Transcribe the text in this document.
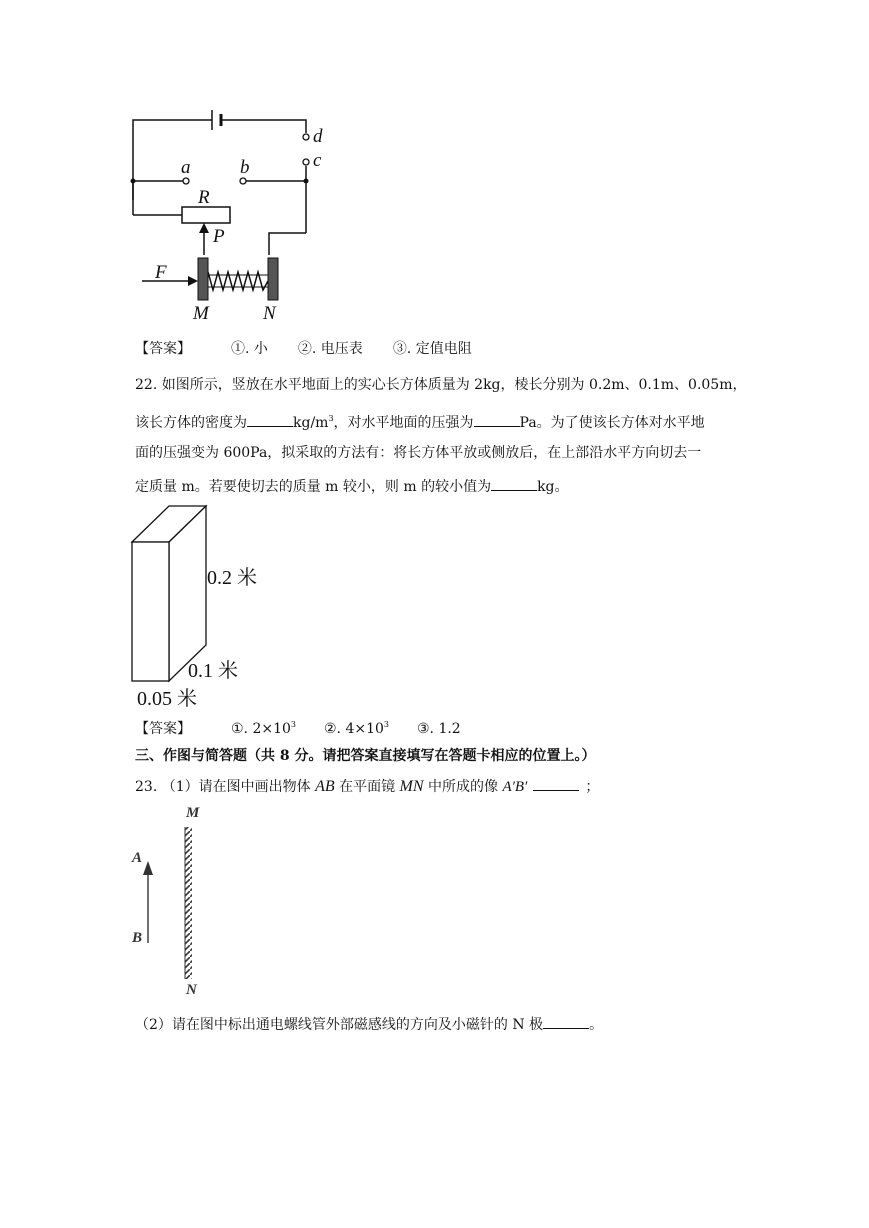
a	b	c
d
R
P
F
M	N
【答案】	①. 小 ②. 电压表 ③. 定值电阻
22. 如图所示，竖放在水平地面上的实心长方体质量为 2kg，棱长分别为 0.2m、0.1m、0.05m，
该长方体的密度为	$kg/m^3$，对水平地面的压强为	Pa。为了使该长方体对水平地
面的压强变为 600Pa，拟采取的方法有：将长方体平放或侧放后，在上部沿水平方向切去一
定质量 m。若要使切去的质量 m 较小，则 m 的较小值为	kg。
0.2 米
0.1 米
0.05 米
【答案】	①. $2\times 10^3$ ②. $4\times 10^3$ ③. 1.2
三、作图与简答题（共 8 分。请把答案直接填写在答题卡相应的位置上。）
23. （1）请在图中画出物体 AB 在平面镜 MN 中所成的像 A′B′	；
M
N
A
B
（2）请在图中标出通电螺线管外部磁感线的方向及小磁针的 N 极	。
